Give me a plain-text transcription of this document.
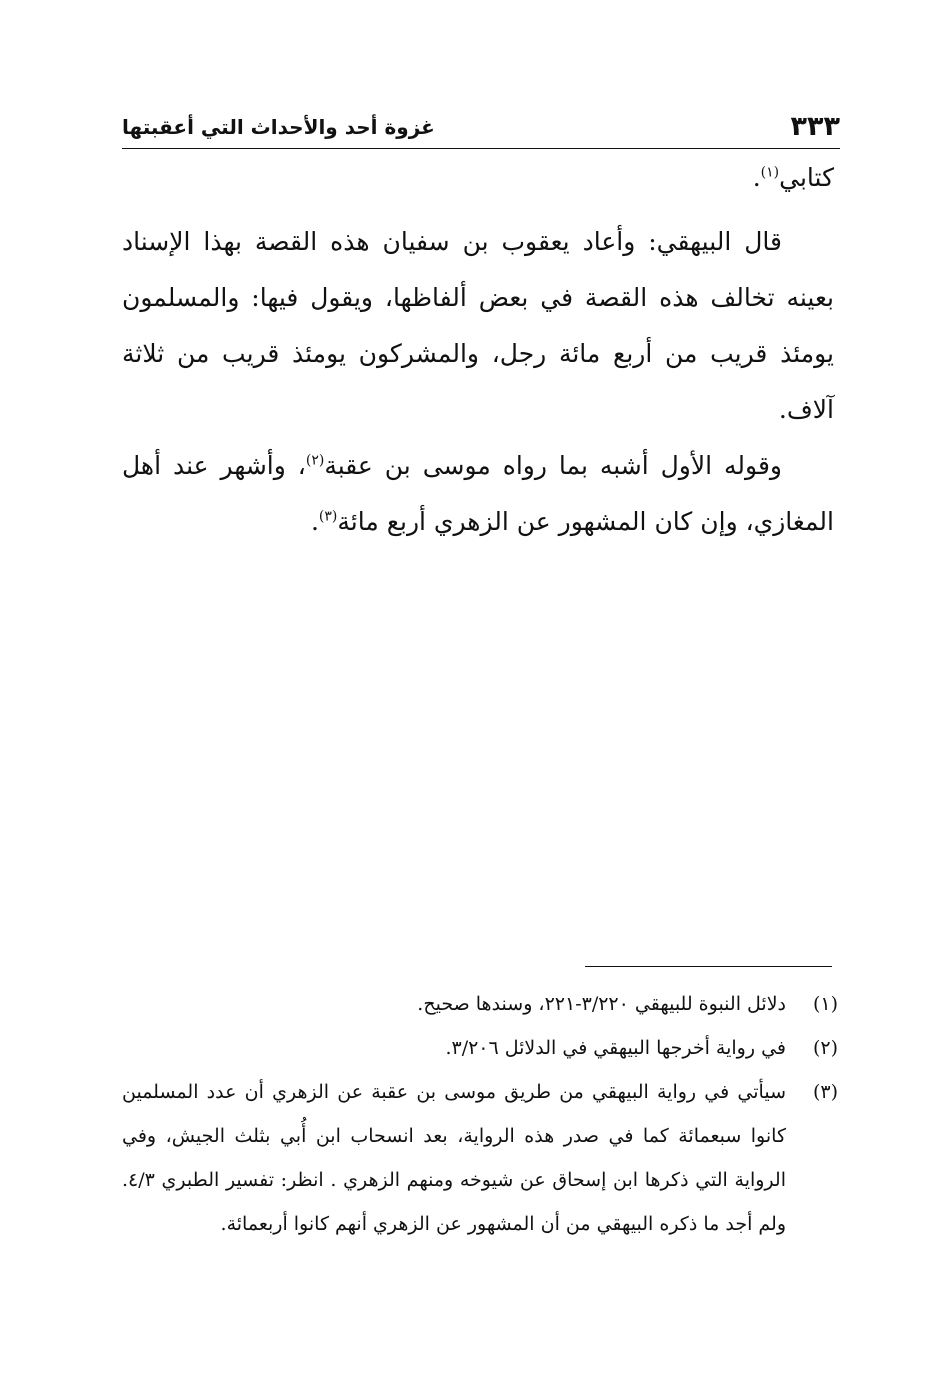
٣٣٣
غزوة أحد والأحداث التي أعقبتها

كتابي$^{(١)}$.

قال البيهقي: وأعاد يعقوب بن سفيان هذه القصة بهذا الإسناد بعينه تخالف هذه القصة في بعض ألفاظها، ويقول فيها: والمسلمون يومئذ قريب من أربع مائة رجل، والمشركون يومئذ قريب من ثلاثة آلاف.

وقوله الأول أشبه بما رواه موسى بن عقبة$^{(٢)}$، وأشهر عند أهل المغازي، وإن كان المشهور عن الزهري أربع مائة$^{(٣)}$.

(١)
دلائل النبوة للبيهقي ٣/٢٢٠-٢٢١، وسندها صحيح.
(٢)
في رواية أخرجها البيهقي في الدلائل ٣/٢٠٦.
(٣)
سيأتي في رواية البيهقي من طريق موسى بن عقبة عن الزهري أن عدد المسلمين كانوا سبعمائة كما في صدر هذه الرواية، بعد انسحاب ابن أُبي بثلث الجيش، وفي الرواية التي ذكرها ابن إسحاق عن شيوخه ومنهم الزهري . انظر: تفسير الطبري ٤/٣. ولم أجد ما ذكره البيهقي من أن المشهور عن الزهري أنهم كانوا أربعمائة.
